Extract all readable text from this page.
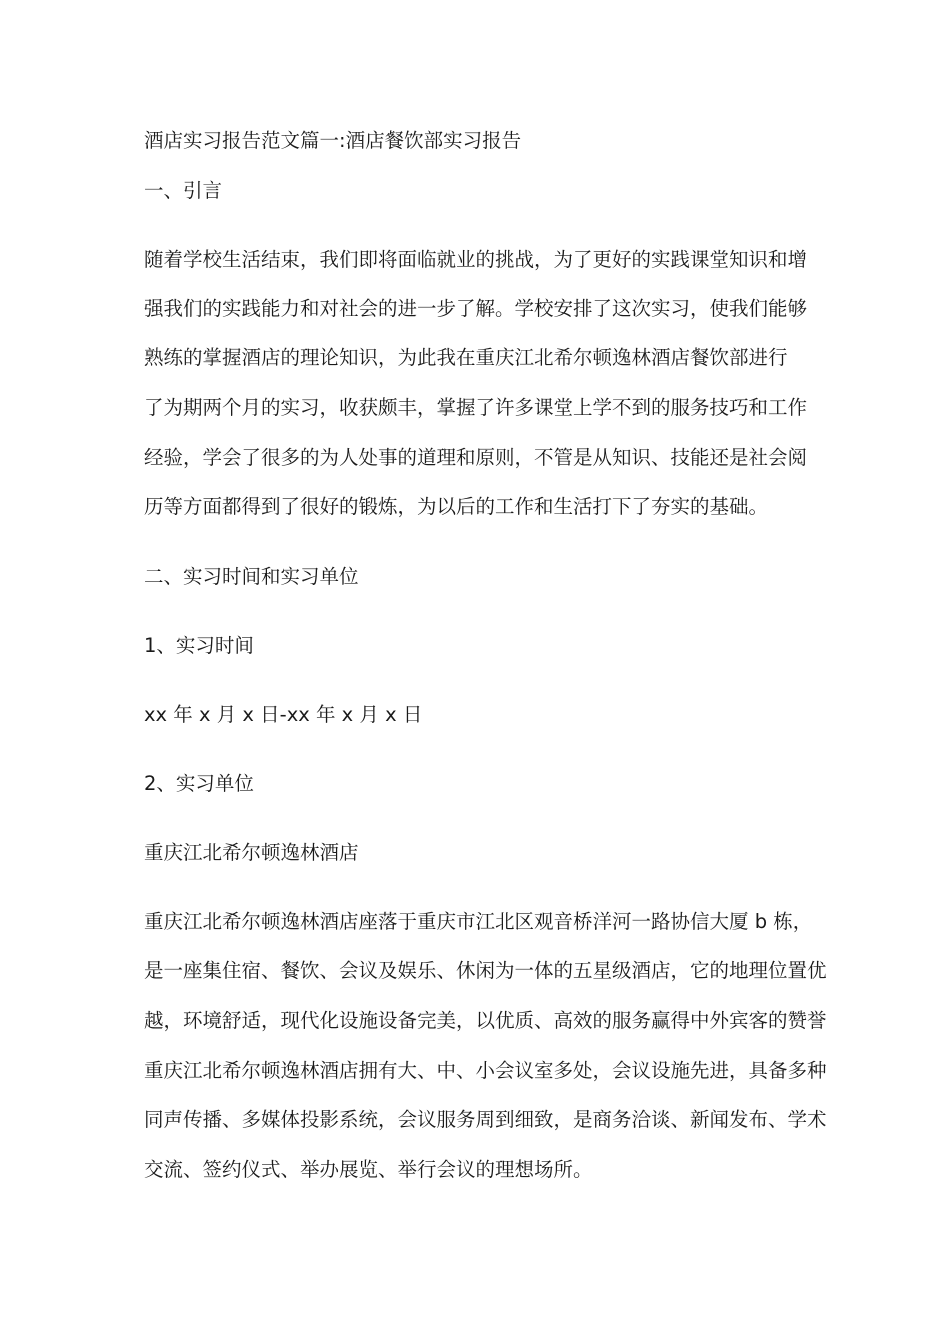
酒店实习报告范文篇一:酒店餐饮部实习报告
一、引言
随着学校生活结束，我们即将面临就业的挑战，为了更好的实践课堂知识和增
强我们的实践能力和对社会的进一步了解。学校安排了这次实习，使我们能够
熟练的掌握酒店的理论知识，为此我在重庆江北希尔顿逸林酒店餐饮部进行
了为期两个月的实习，收获颇丰，掌握了许多课堂上学不到的服务技巧和工作
经验，学会了很多的为人处事的道理和原则，不管是从知识、技能还是社会阅
历等方面都得到了很好的锻炼，为以后的工作和生活打下了夯实的基础。
二、实习时间和实习单位
1、实习时间
xx 年 x 月 x 日-xx 年 x 月 x 日
2、实习单位
重庆江北希尔顿逸林酒店
重庆江北希尔顿逸林酒店座落于重庆市江北区观音桥洋河一路协信大厦 b 栋，
是一座集住宿、餐饮、会议及娱乐、休闲为一体的五星级酒店，它的地理位置优
越，环境舒适，现代化设施设备完美，以优质、高效的服务赢得中外宾客的赞誉
重庆江北希尔顿逸林酒店拥有大、中、小会议室多处，会议设施先进，具备多种
同声传播、多媒体投影系统，会议服务周到细致，是商务洽谈、新闻发布、学术
交流、签约仪式、举办展览、举行会议的理想场所。
